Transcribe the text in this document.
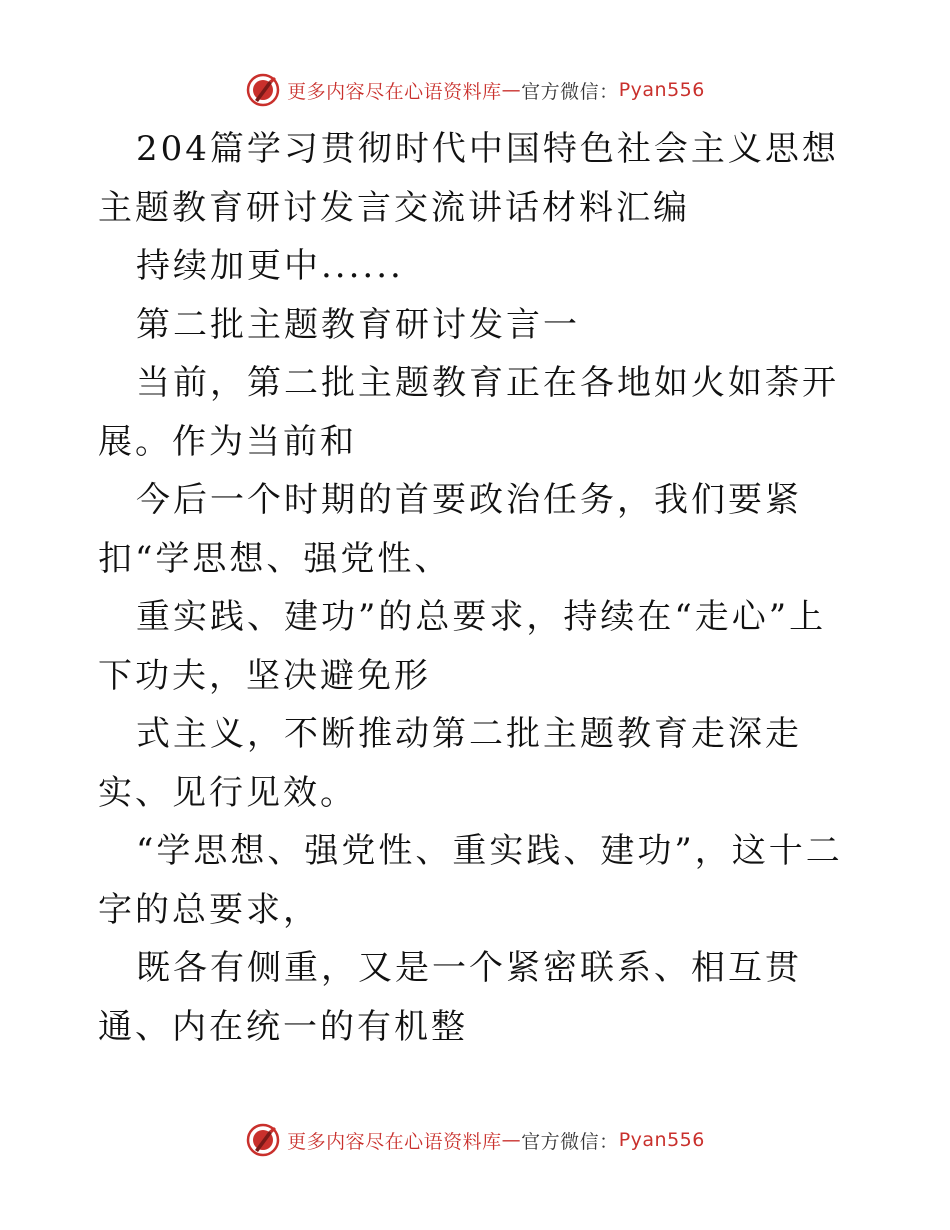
更多内容尽在心语资料库 — 官方微信： Pyan556

204篇学习贯彻时代中国特色社会主义思想主题教育研讨发言交流讲话材料汇编

持续加更中......

第二批主题教育研讨发言一

当前，第二批主题教育正在各地如火如荼开展。作为当前和

今后一个时期的首要政治任务，我们要紧扣“学思想、强党性、

重实践、建功”的总要求，持续在“走心”上下功夫，坚决避免形

式主义，不断推动第二批主题教育走深走实、见行见效。

“学思想、强党性、重实践、建功”，这十二字的总要求，

既各有侧重，又是一个紧密联系、相互贯通、内在统一的有机整

更多内容尽在心语资料库 — 官方微信： Pyan556
